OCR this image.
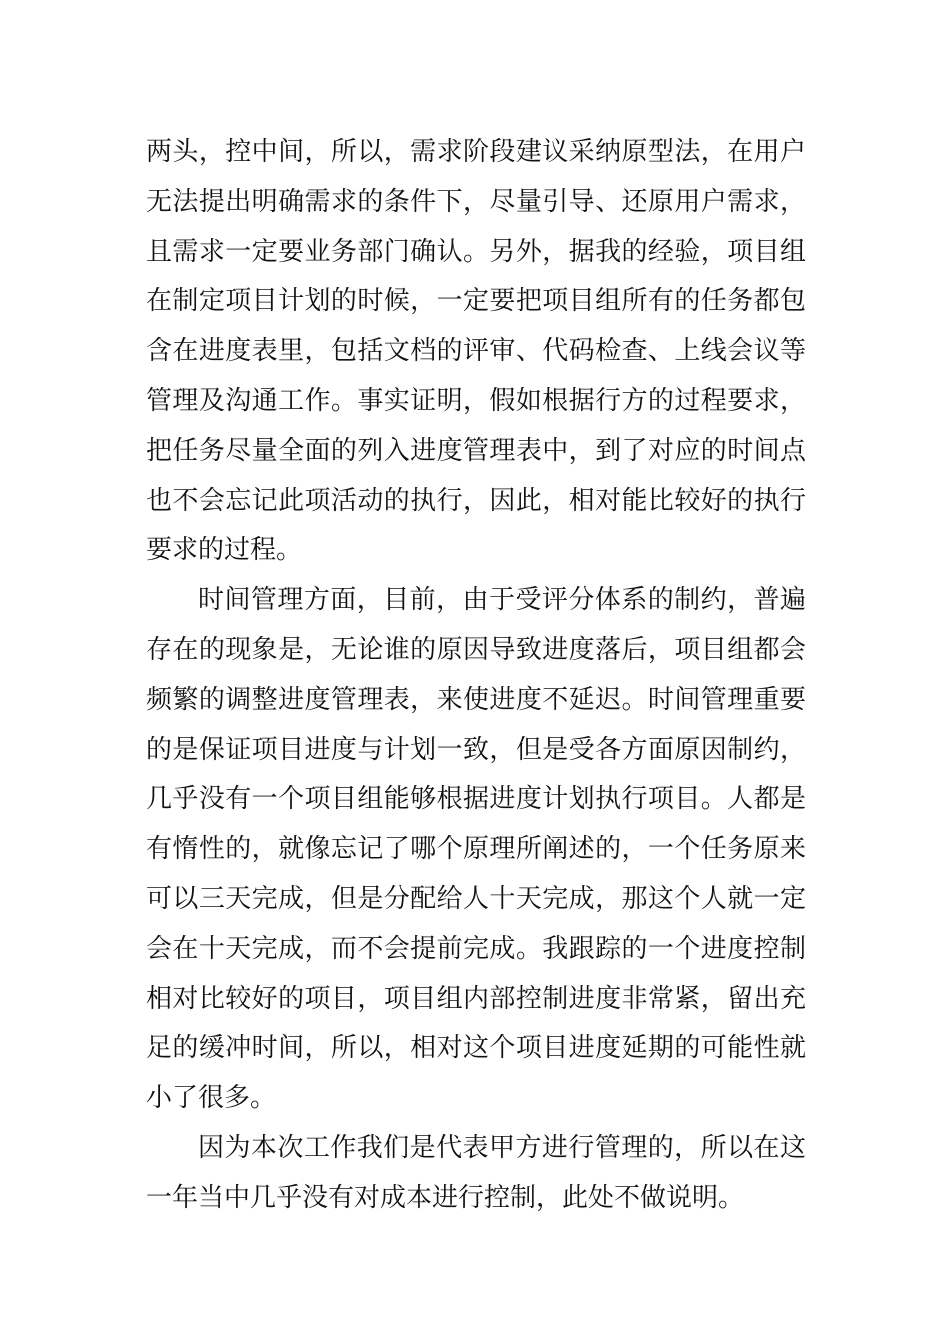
两头，控中间，所以，需求阶段建议采纳原型法，在用户
无法提出明确需求的条件下，尽量引导、还原用户需求，
且需求一定要业务部门确认。另外，据我的经验，项目组
在制定项目计划的时候，一定要把项目组所有的任务都包
含在进度表里，包括文档的评审、代码检查、上线会议等
管理及沟通工作。事实证明，假如根据行方的过程要求，
把任务尽量全面的列入进度管理表中，到了对应的时间点
也不会忘记此项活动的执行，因此，相对能比较好的执行
要求的过程。
时间管理方面，目前，由于受评分体系的制约，普遍
存在的现象是，无论谁的原因导致进度落后，项目组都会
频繁的调整进度管理表，来使进度不延迟。时间管理重要
的是保证项目进度与计划一致，但是受各方面原因制约，
几乎没有一个项目组能够根据进度计划执行项目。人都是
有惰性的，就像忘记了哪个原理所阐述的，一个任务原来
可以三天完成，但是分配给人十天完成，那这个人就一定
会在十天完成，而不会提前完成。我跟踪的一个进度控制
相对比较好的项目，项目组内部控制进度非常紧，留出充
足的缓冲时间，所以，相对这个项目进度延期的可能性就
小了很多。
因为本次工作我们是代表甲方进行管理的，所以在这
一年当中几乎没有对成本进行控制，此处不做说明。
